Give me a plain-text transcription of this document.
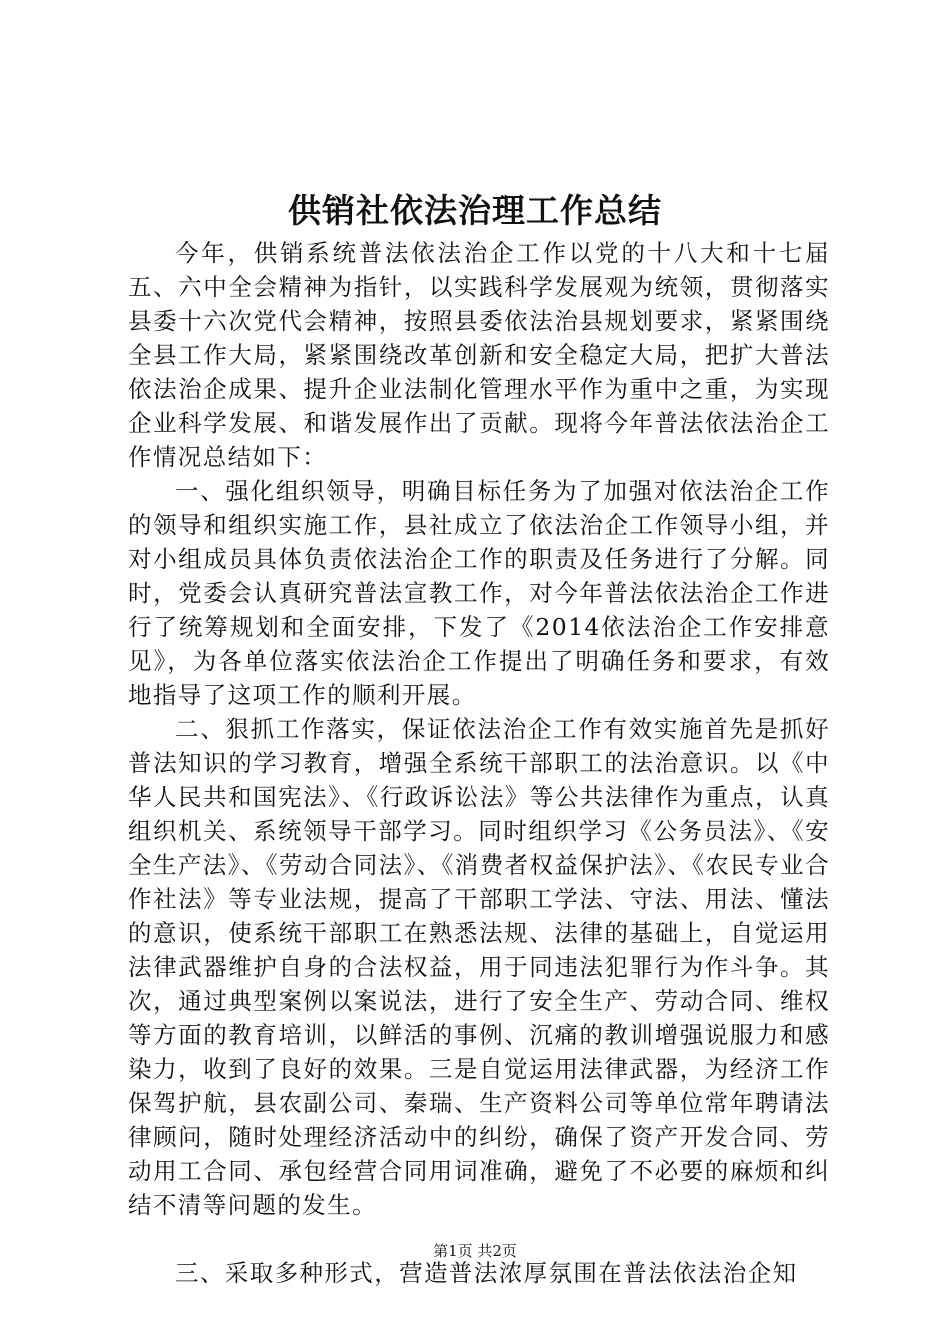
供销社依法治理工作总结

今年，供销系统普法依法治企工作以党的十八大和十七届五、六中全会精神为指针，以实践科学发展观为统领，贯彻落实县委十六次党代会精神，按照县委依法治县规划要求，紧紧围绕全县工作大局，紧紧围绕改革创新和安全稳定大局，把扩大普法依法治企成果、提升企业法制化管理水平作为重中之重，为实现企业科学发展、和谐发展作出了贡献。现将今年普法依法治企工作情况总结如下：

一、强化组织领导，明确目标任务为了加强对依法治企工作的领导和组织实施工作，县社成立了依法治企工作领导小组，并对小组成员具体负责依法治企工作的职责及任务进行了分解。同时，党委会认真研究普法宣教工作，对今年普法依法治企工作进行了统筹规划和全面安排，下发了《2014依法治企工作安排意见》，为各单位落实依法治企工作提出了明确任务和要求，有效地指导了这项工作的顺利开展。

二、狠抓工作落实，保证依法治企工作有效实施首先是抓好普法知识的学习教育，增强全系统干部职工的法治意识。以《中华人民共和国宪法》、《行政诉讼法》等公共法律作为重点，认真组织机关、系统领导干部学习。同时组织学习《公务员法》、《安全生产法》、《劳动合同法》、《消费者权益保护法》、《农民专业合作社法》等专业法规，提高了干部职工学法、守法、用法、懂法的意识，使系统干部职工在熟悉法规、法律的基础上，自觉运用法律武器维护自身的合法权益，用于同违法犯罪行为作斗争。其次，通过典型案例以案说法，进行了安全生产、劳动合同、维权等方面的教育培训，以鲜活的事例、沉痛的教训增强说服力和感染力，收到了良好的效果。三是自觉运用法律武器，为经济工作保驾护航，县农副公司、秦瑞、生产资料公司等单位常年聘请法律顾问，随时处理经济活动中的纠纷，确保了资产开发合同、劳动用工合同、承包经营合同用词准确，避免了不必要的麻烦和纠结不清等问题的发生。

三、采取多种形式，营造普法浓厚氛围在普法依法治企知

第1页 共2页
